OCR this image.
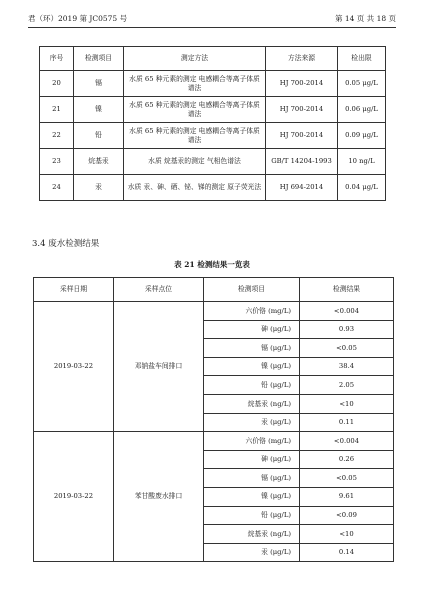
君（环）2019 第 JC0575 号	第 14 页 共 18 页
序号	检测项目	测定方法	方法来源	检出限
20	镉	水质 65 种元素的测定 电感耦合等离子体质谱法	HJ 700-2014	0.05 μg/L
21	镍	水质 65 种元素的测定 电感耦合等离子体质谱法	HJ 700-2014	0.06 μg/L
22	铅	水质 65 种元素的测定 电感耦合等离子体质谱法	HJ 700-2014	0.09 μg/L
23	烷基汞	水质 烷基汞的测定 气相色谱法	GB/T 14204-1993	10 ng/L
24	汞	水质 汞、砷、硒、铋、锑的测定 原子荧光法	HJ 694-2014	0.04 μg/L
3.4 废水检测结果
表 21 检测结果一览表
采样日期	采样点位	检测项目	检测结果
2019-03-22	邓钠盐车间排口	六价铬 (mg/L)	<0.004
		砷 (μg/L)	0.93
		镉 (μg/L)	<0.05
		镍 (μg/L)	38.4
		铅 (μg/L)	2.05
		烷基汞 (ng/L)	<10
		汞 (μg/L)	0.11
2019-03-22	苯甘酸废水排口	六价铬 (mg/L)	<0.004
		砷 (μg/L)	0.26
		镉 (μg/L)	<0.05
		镍 (μg/L)	9.61
		铅 (μg/L)	<0.09
		烷基汞 (ng/L)	<10
		汞 (μg/L)	0.14
